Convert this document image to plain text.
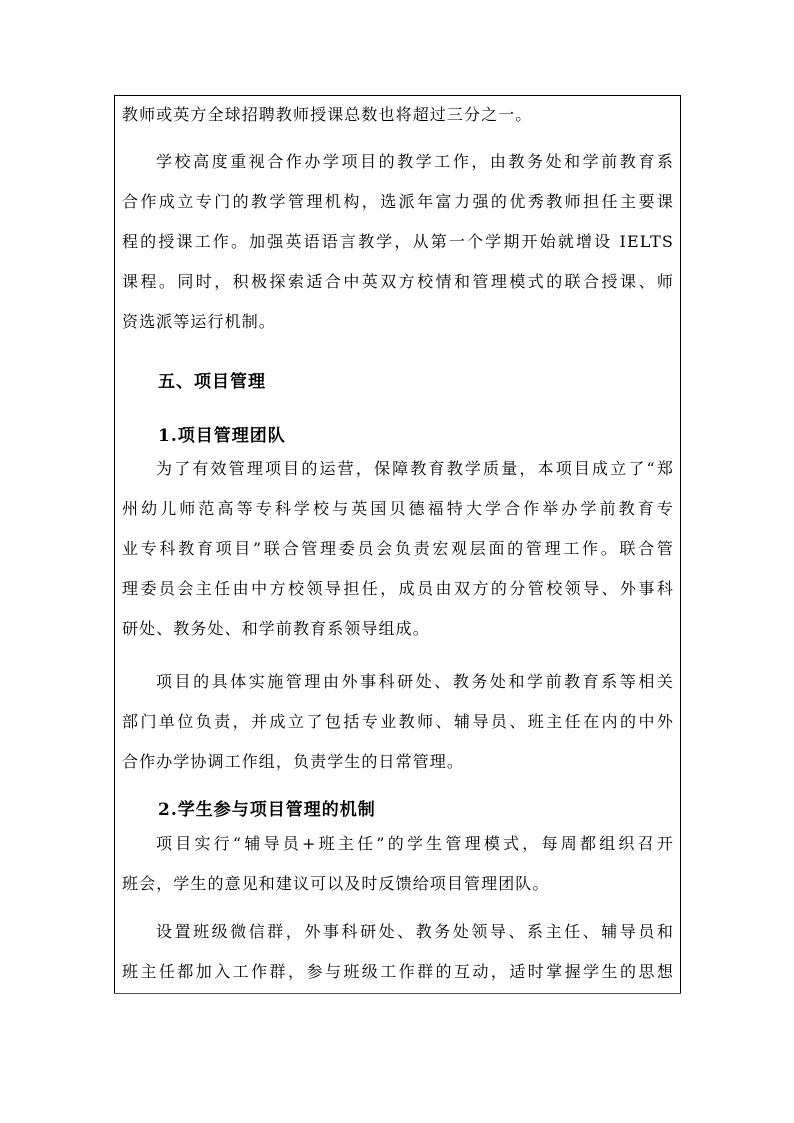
教师或英方全球招聘教师授课总数也将超过三分之一。
学校高度重视合作办学项目的教学工作，由教务处和学前教育系
合作成立专门的教学管理机构，选派年富力强的优秀教师担任主要课
程的授课工作。加强英语语言教学，从第一个学期开始就增设 IELTS
课程。同时，积极探索适合中英双方校情和管理模式的联合授课、师
资选派等运行机制。
五、项目管理
1.项目管理团队
为了有效管理项目的运营，保障教育教学质量，本项目成立了“郑
州幼儿师范高等专科学校与英国贝德福特大学合作举办学前教育专
业专科教育项目”联合管理委员会负责宏观层面的管理工作。联合管
理委员会主任由中方校领导担任，成员由双方的分管校领导、外事科
研处、教务处、和学前教育系领导组成。
项目的具体实施管理由外事科研处、教务处和学前教育系等相关
部门单位负责，并成立了包括专业教师、辅导员、班主任在内的中外
合作办学协调工作组，负责学生的日常管理。
2.学生参与项目管理的机制
项目实行“辅导员+班主任”的学生管理模式，每周都组织召开
班会，学生的意见和建议可以及时反馈给项目管理团队。
设置班级微信群，外事科研处、教务处领导、系主任、辅导员和
班主任都加入工作群，参与班级工作群的互动，适时掌握学生的思想
